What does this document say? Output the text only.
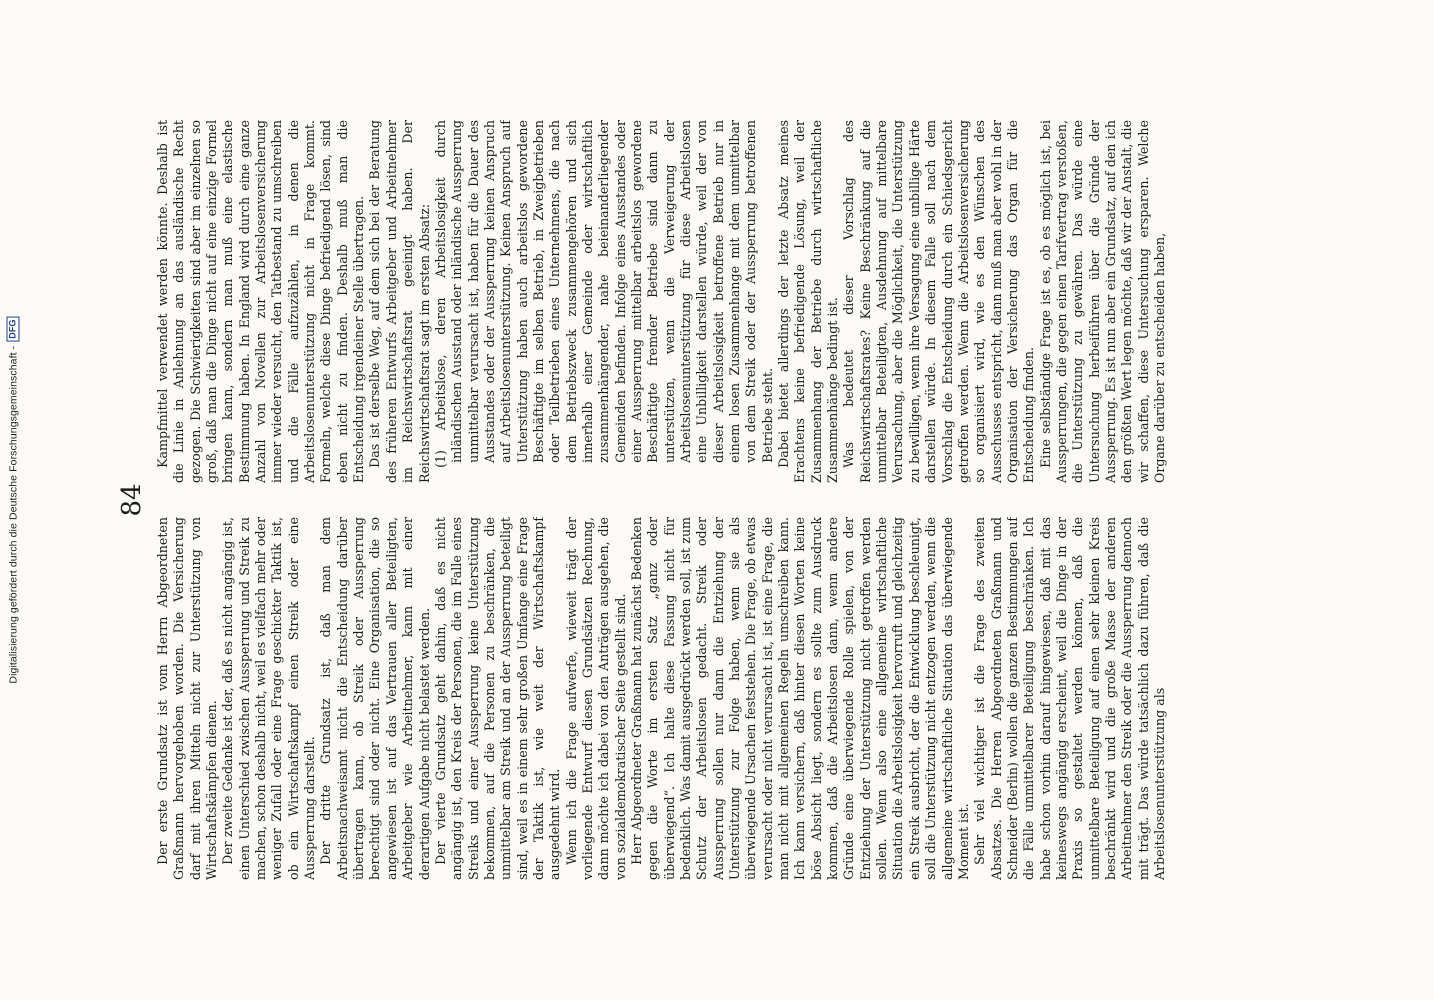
84

Der erste Grundsatz ist vom Herrn Abgeordneten Graßmann hervorgehoben worden. Die Versicherung darf mit ihren Mitteln nicht zur Unterstützung von Wirtschaftskämpfen dienen. Der zweite Gedanke ist der, daß es nicht angängig ist, einen Unterschied zwischen Aussperrung und Streik zu machen, schon deshalb nicht, weil es vielfach mehr oder weniger Zufall oder eine Frage geschickter Taktik ist, ob ein Wirtschaftskampf einen Streik oder eine Aussperrung darstellt. Der dritte Grundsatz ist, daß man dem Arbeitsnachweisamt nicht die Entscheidung darüber übertragen kann, ob Streik oder Aussperrung berechtigt sind oder nicht. Eine Organisation, die so angewiesen ist auf das Vertrauen aller Beteiligten, Arbeitgeber wie Arbeitnehmer, kann mit einer derartigen Aufgabe nicht belastet werden. Der vierte Grundsatz geht dahin, daß es nicht angängig ist, den Kreis der Personen, die im Falle eines Streiks und einer Aussperrung keine Unterstützung bekommen, auf die Personen zu beschränken, die unmittelbar am Streik und an der Aussperrung beteiligt sind, weil es in einem sehr großen Umfange eine Frage der Taktik ist, wie weit der Wirtschaftskampf ausgedehnt wird. Wenn ich die Frage aufwerfe, wieweit trägt der vorliegende Entwurf diesen Grundsätzen Rechnung, dann möchte ich dabei von den Anträgen ausgehen, die von sozialdemokratischer Seite gestellt sind. Herr Abgeordneter Graßmann hat zunächst Bedenken gegen die Worte im ersten Satz „ganz oder überwiegend“. Ich halte diese Fassung nicht für bedenklich. Was damit ausgedrückt werden soll, ist zum Schutz der Arbeitslosen gedacht. Streik oder Aussperrung sollen nur dann die Entziehung der Unterstützung zur Folge haben, wenn sie als überwiegende Ursachen feststehen. Die Frage, ob etwas verursacht oder nicht verursacht ist, ist eine Frage, die man nicht mit allgemeinen Regeln umschreiben kann. Ich kann versichern, daß hinter diesen Worten keine böse Absicht liegt, sondern es sollte zum Ausdruck kommen, daß die Arbeitslosen dann, wenn andere Gründe eine überwiegende Rolle spielen, von der Entziehung der Unterstützung nicht getroffen werden sollen. Wenn also eine allgemeine wirtschaftliche Situation die Arbeitslosigkeit hervorruft und gleichzeitig ein Streik ausbricht, der die Entwicklung beschleunigt, soll die Unterstützung nicht entzogen werden, wenn die allgemeine wirtschaftliche Situation das überwiegende Moment ist. Sehr viel wichtiger ist die Frage des zweiten Absatzes. Die Herren Abgeordneten Graßmann und Schneider (Berlin) wollen die ganzen Bestimmungen auf die Fälle unmittelbarer Beteiligung beschränken. Ich habe schon vorhin darauf hingewiesen, daß mit das keineswegs angängig erscheint, weil die Dinge in der Praxis so gestaltet werden können, daß die unmittelbare Beteiligung auf einen sehr kleinen Kreis beschränkt wird und die große Masse der anderen Arbeitnehmer den Streik oder die Aussperrung dennoch mit trägt. Das würde tatsächlich dazu führen, daß die Arbeitslosenunterstützung als

Kampfmittel verwendet werden könnte. Deshalb ist die Linie in Anlehnung an das ausländische Recht gezogen. Die Schwierigkeiten sind aber im einzelnen so groß, daß man die Dinge nicht auf eine einzige Formel bringen kann, sondern man muß eine elastische Bestimmung haben. In England wird durch eine ganze Anzahl von Novellen zur Arbeitslosenversicherung immer wieder versucht, den Tatbestand zu umschreiben und die Fälle aufzuzählen, in denen die Arbeitslosenunterstützung nicht in Frage kommt. Formeln, welche diese Dinge befriedigend lösen, sind eben nicht zu finden. Deshalb muß man die Entscheidung irgendeiner Stelle übertragen. Das ist derselbe Weg, auf dem sich bei der Beratung des früheren Entwurfs Arbeitgeber und Arbeitnehmer im Reichswirtschaftsrat geeinigt haben. Der Reichswirtschaftsrat sagt im ersten Absatz: (1) Arbeitslose, deren Arbeitslosigkeit durch inländischen Ausstand oder inländische Aussperrung unmittelbar verursacht ist, haben für die Dauer des Ausstandes oder der Aussperrung keinen Anspruch auf Arbeitslosenunterstützung. Keinen Anspruch auf Unterstützung haben auch arbeitslos gewordene Beschäftigte im selben Betrieb, in Zweigbetrieben oder Teilbetrieben eines Unternehmens, die nach dem Betriebszweck zusammengehören und sich innerhalb einer Gemeinde oder wirtschaftlich zusammenhängender, nahe beieinanderliegender Gemeinden befinden. Infolge eines Ausstandes oder einer Aussperrung mittelbar arbeitslos gewordene Beschäftigte fremder Betriebe sind dann zu unterstützen, wenn die Verweigerung der Arbeitslosenunterstützung für diese Arbeitslosen eine Unbilligkeit darstellen würde, weil der von dieser Arbeitslosigkeit betroffene Betrieb nur in einem losen Zusammenhange mit dem unmittelbar von dem Streik oder der Aussperrung betroffenen Betriebe steht. Dabei bietet allerdings der letzte Absatz meines Erachtens keine befriedigende Lösung, weil der Zusammenhang der Betriebe durch wirtschaftliche Zusammenhänge bedingt ist. Was bedeutet dieser Vorschlag des Reichswirtschaftsrates? Keine Beschränkung auf die unmittelbar Beteiligten, Ausdehnung auf mittelbare Verursachung, aber die Möglichkeit, die Unterstützung zu bewilligen, wenn ihre Versagung eine unbillige Härte darstellen würde. In diesem Falle soll nach dem Vorschlag die Entscheidung durch ein Schiedsgericht getroffen werden. Wenn die Arbeitslosenversicherung so organisiert wird, wie es den Wünschen des Ausschusses entspricht, dann muß man aber wohl in der Organisation der Versicherung das Organ für die Entscheidung finden. Eine selbständige Frage ist es, ob es möglich ist, bei Aussperrungen, die gegen einen Tarifvertrag verstoßen, die Unterstützung zu gewähren. Das würde eine Untersuchung herbeiführen über die Gründe der Aussperrung. Es ist nun aber ein Grundsatz, auf den ich den größten Wert legen möchte, daß wir der Anstalt, die wir schaffen, diese Untersuchung ersparen. Welche Organe darüber zu entscheiden haben,

Digitalisierung gefördert durch die Deutsche Forschungsgemeinschaft -
DFG
